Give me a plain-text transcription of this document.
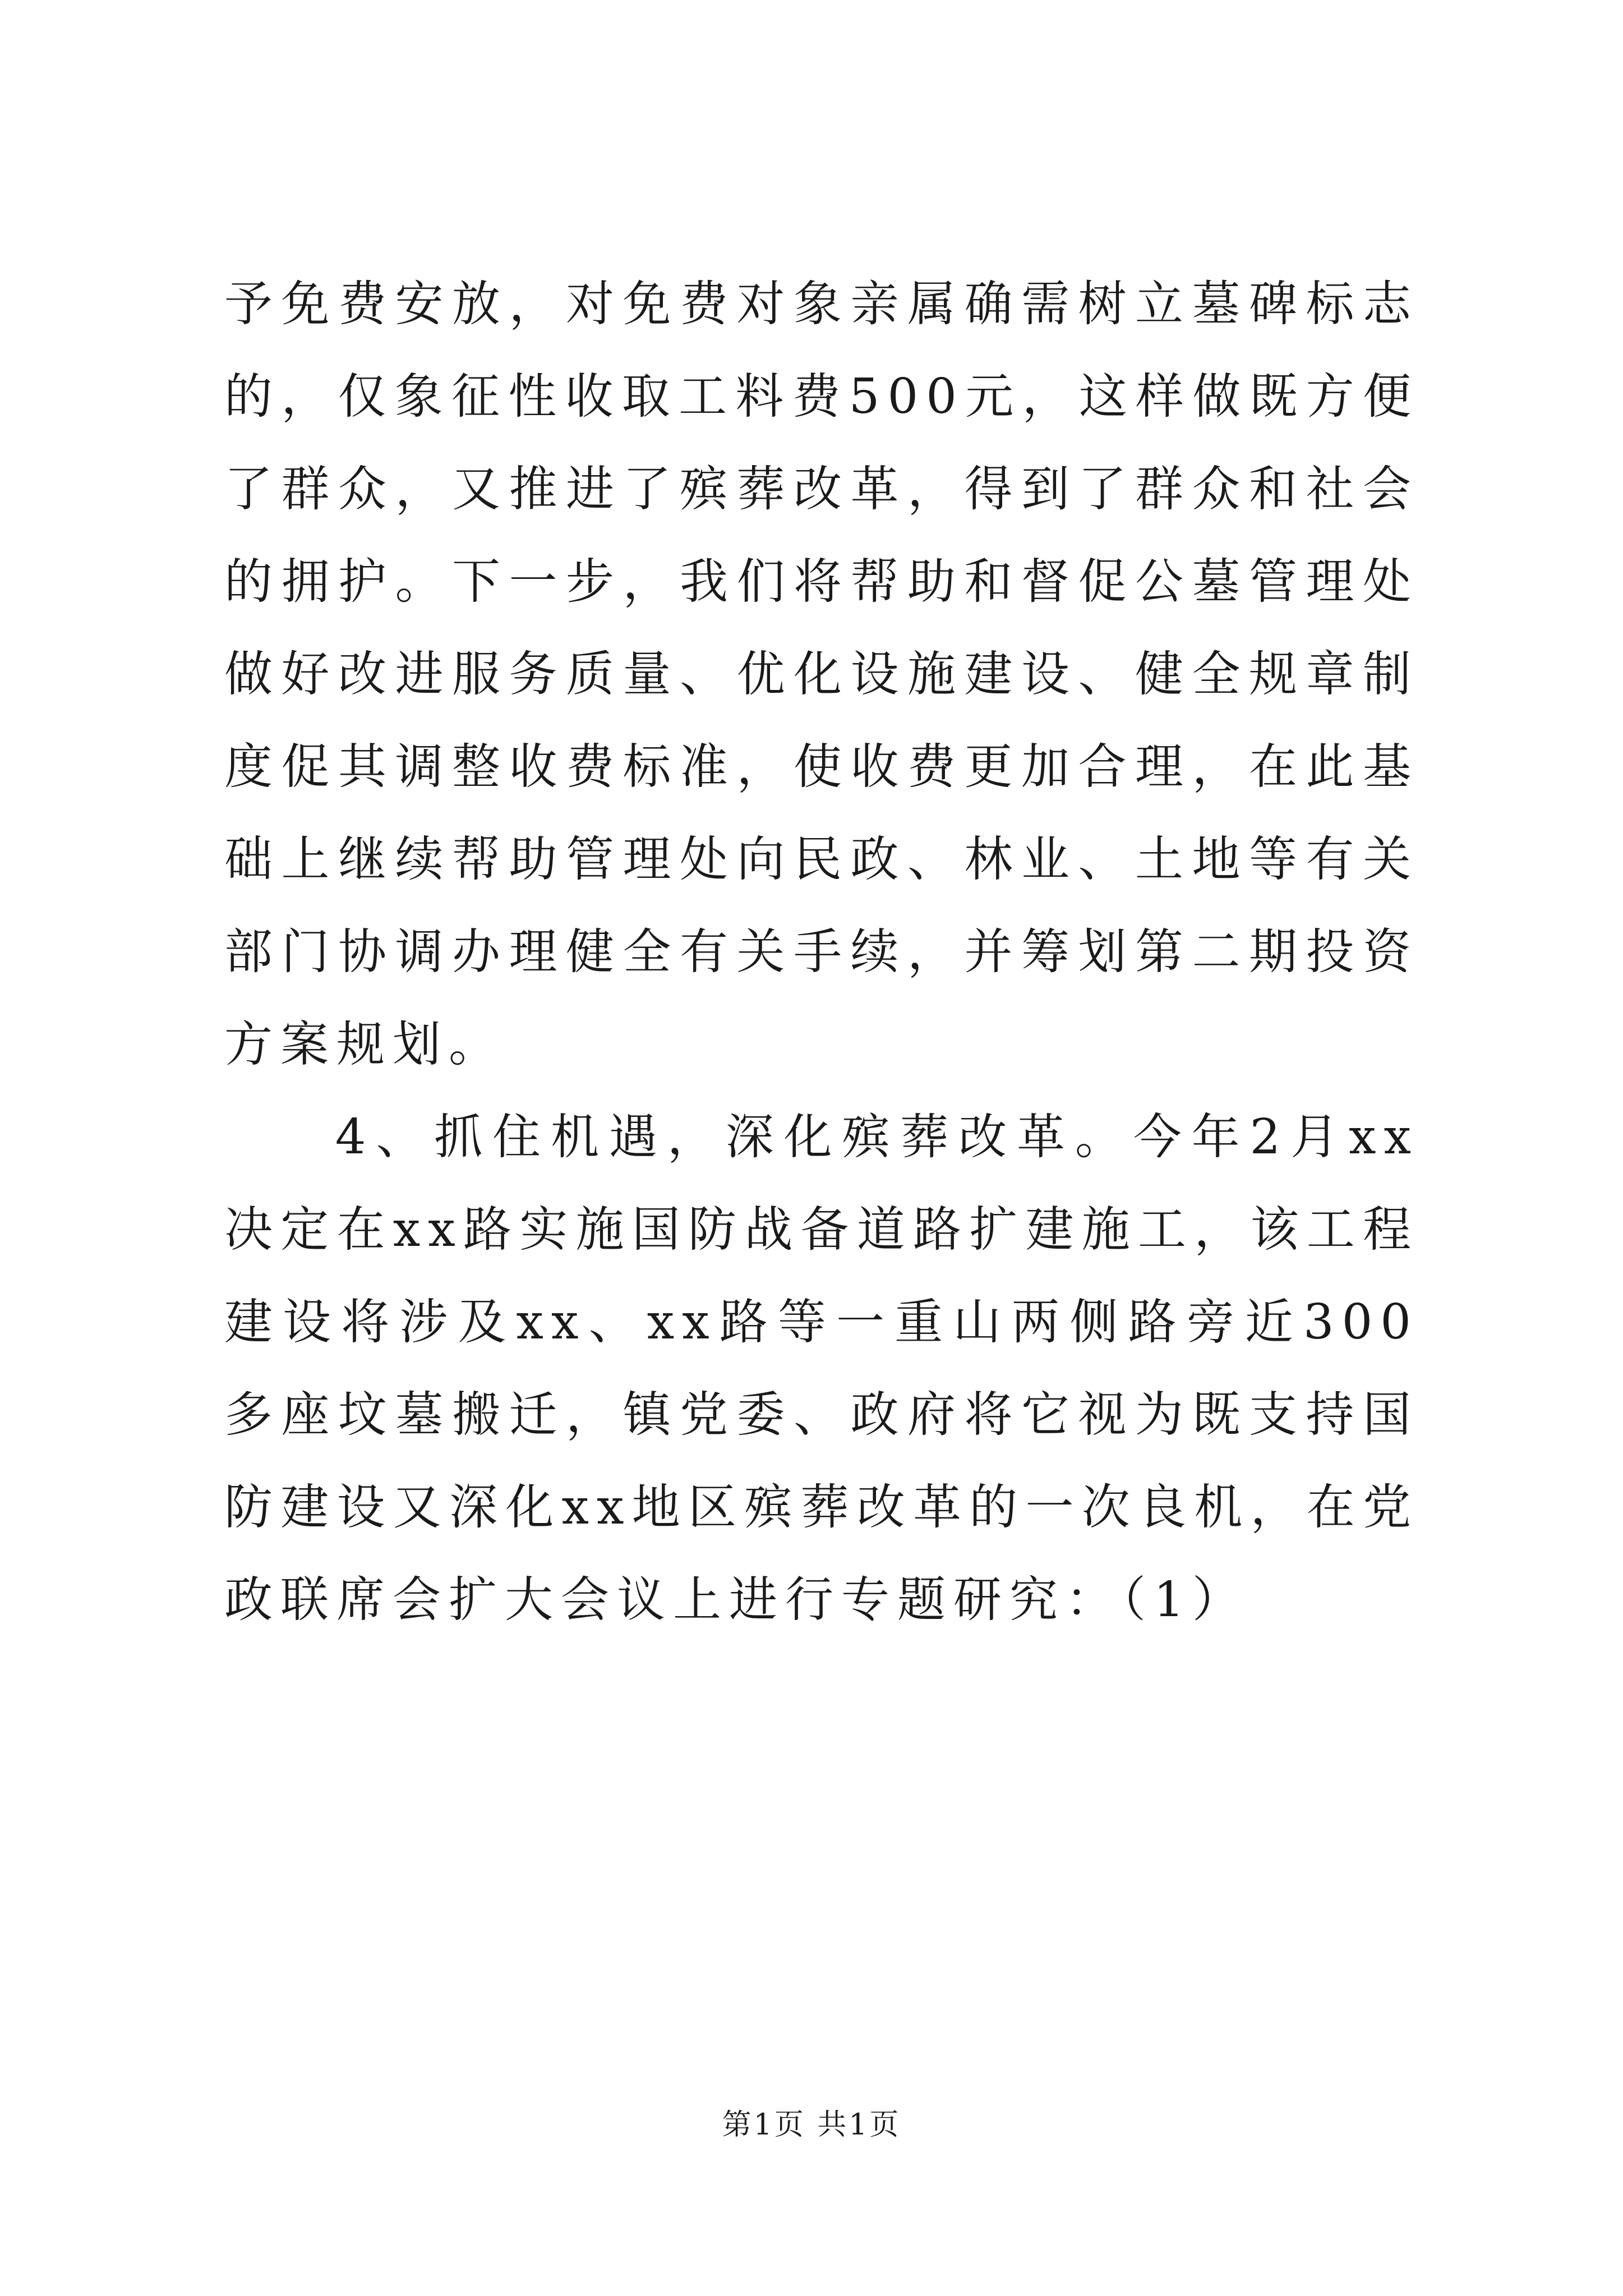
予免费安放，对免费对象亲属确需树立墓碑标志的，仅象征性收取工料费500元，这样做既方便了群众，又推进了殡葬改革，得到了群众和社会的拥护。下一步，我们将帮助和督促公墓管理处做好改进服务质量、优化设施建设、健全规章制度促其调整收费标准，使收费更加合理，在此基础上继续帮助管理处向民政、林业、土地等有关部门协调办理健全有关手续，并筹划第二期投资方案规划。

4、抓住机遇，深化殡葬改革。今年2月xx决定在xx路实施国防战备道路扩建施工，该工程建设将涉及xx、xx路等一重山两侧路旁近300多座坟墓搬迁，镇党委、政府将它视为既支持国防建设又深化xx地区殡葬改革的一次良机，在党政联席会扩大会议上进行专题研究：（1）

第1页 共1页
